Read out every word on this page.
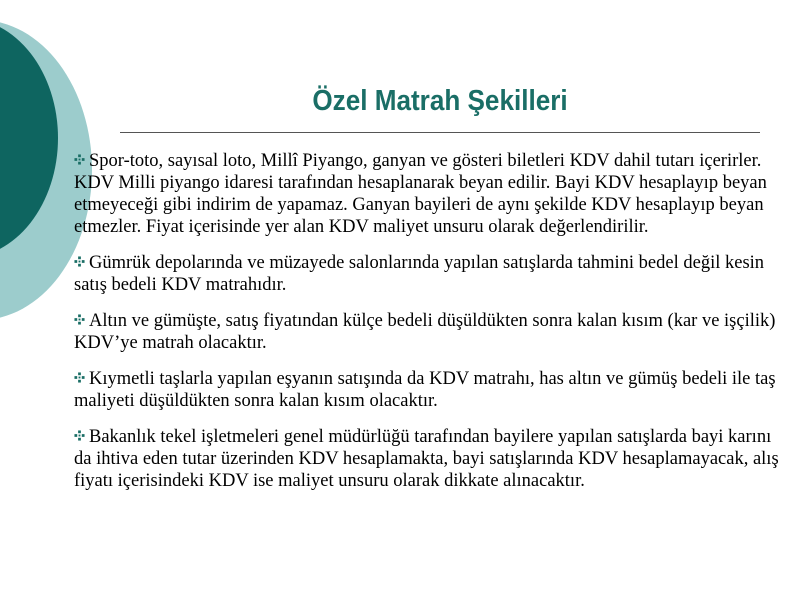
Özel Matrah Şekilleri

Spor-toto, sayısal loto, Millî Piyango, ganyan ve gösteri biletleri KDV dahil tutarı içerirler. KDV Milli piyango idaresi tarafından hesaplanarak beyan edilir. Bayi KDV hesaplayıp beyan etmeyeceği gibi indirim de yapamaz. Ganyan bayileri de aynı şekilde KDV hesaplayıp beyan etmezler. Fiyat içerisinde yer alan KDV maliyet unsuru olarak değerlendirilir.

Gümrük depolarında ve müzayede salonlarında yapılan satışlarda tahmini bedel değil kesin satış bedeli KDV matrahıdır.

Altın ve gümüşte, satış fiyatından külçe bedeli düşüldükten sonra kalan kısım (kar ve işçilik) KDV’ye matrah olacaktır.

Kıymetli taşlarla yapılan eşyanın satışında da KDV matrahı, has altın ve gümüş bedeli ile taş maliyeti düşüldükten sonra kalan kısım olacaktır.

Bakanlık tekel işletmeleri genel müdürlüğü tarafından bayilere yapılan satışlarda bayi karını da ihtiva eden tutar üzerinden KDV hesaplamakta, bayi satışlarında KDV hesaplamayacak, alış fiyatı içerisindeki KDV ise maliyet unsuru olarak dikkate alınacaktır.
